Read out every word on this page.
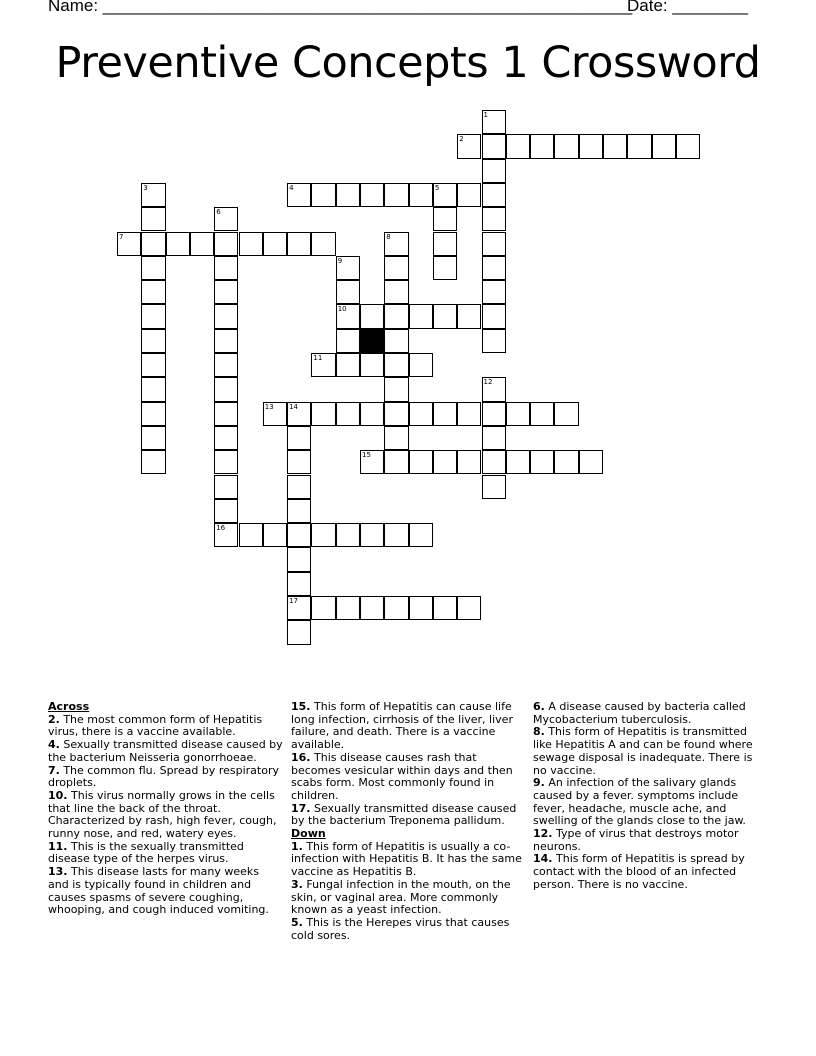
Name: ________________________________________________________
Date: ________
Preventive Concepts 1 Crossword
1
2
3	4	5
6
7	8
9
10
11
12
13 14
15
16
17
Across
2. The most common form of Hepatitis virus, there is a vaccine available.
4. Sexually transmitted disease caused by the bacterium Neisseria gonorrhoeae.
7. The common flu. Spread by respiratory droplets.
10. This virus normally grows in the cells that line the back of the throat. Characterized by rash, high fever, cough, runny nose, and red, watery eyes.
11. This is the sexually transmitted disease type of the herpes virus.
13. This disease lasts for many weeks and is typically found in children and causes spasms of severe coughing, whooping, and cough induced vomiting.
15. This form of Hepatitis can cause life long infection, cirrhosis of the liver, liver failure, and death. There is a vaccine available.
16. This disease causes rash that becomes vesicular within days and then scabs form. Most commonly found in children.
17. Sexually transmitted disease caused by the bacterium Treponema pallidum.
Down
1. This form of Hepatitis is usually a co-infection with Hepatitis B. It has the same vaccine as Hepatitis B.
3. Fungal infection in the mouth, on the skin, or vaginal area. More commonly known as a yeast infection.
5. This is the Herepes virus that causes cold sores.
6. A disease caused by bacteria called Mycobacterium tuberculosis.
8. This form of Hepatitis is transmitted like Hepatitis A and can be found where sewage disposal is inadequate. There is no vaccine.
9. An infection of the salivary glands caused by a fever. symptoms include fever, headache, muscle ache, and swelling of the glands close to the jaw.
12. Type of virus that destroys motor neurons.
14. This form of Hepatitis is spread by contact with the blood of an infected person. There is no vaccine.
